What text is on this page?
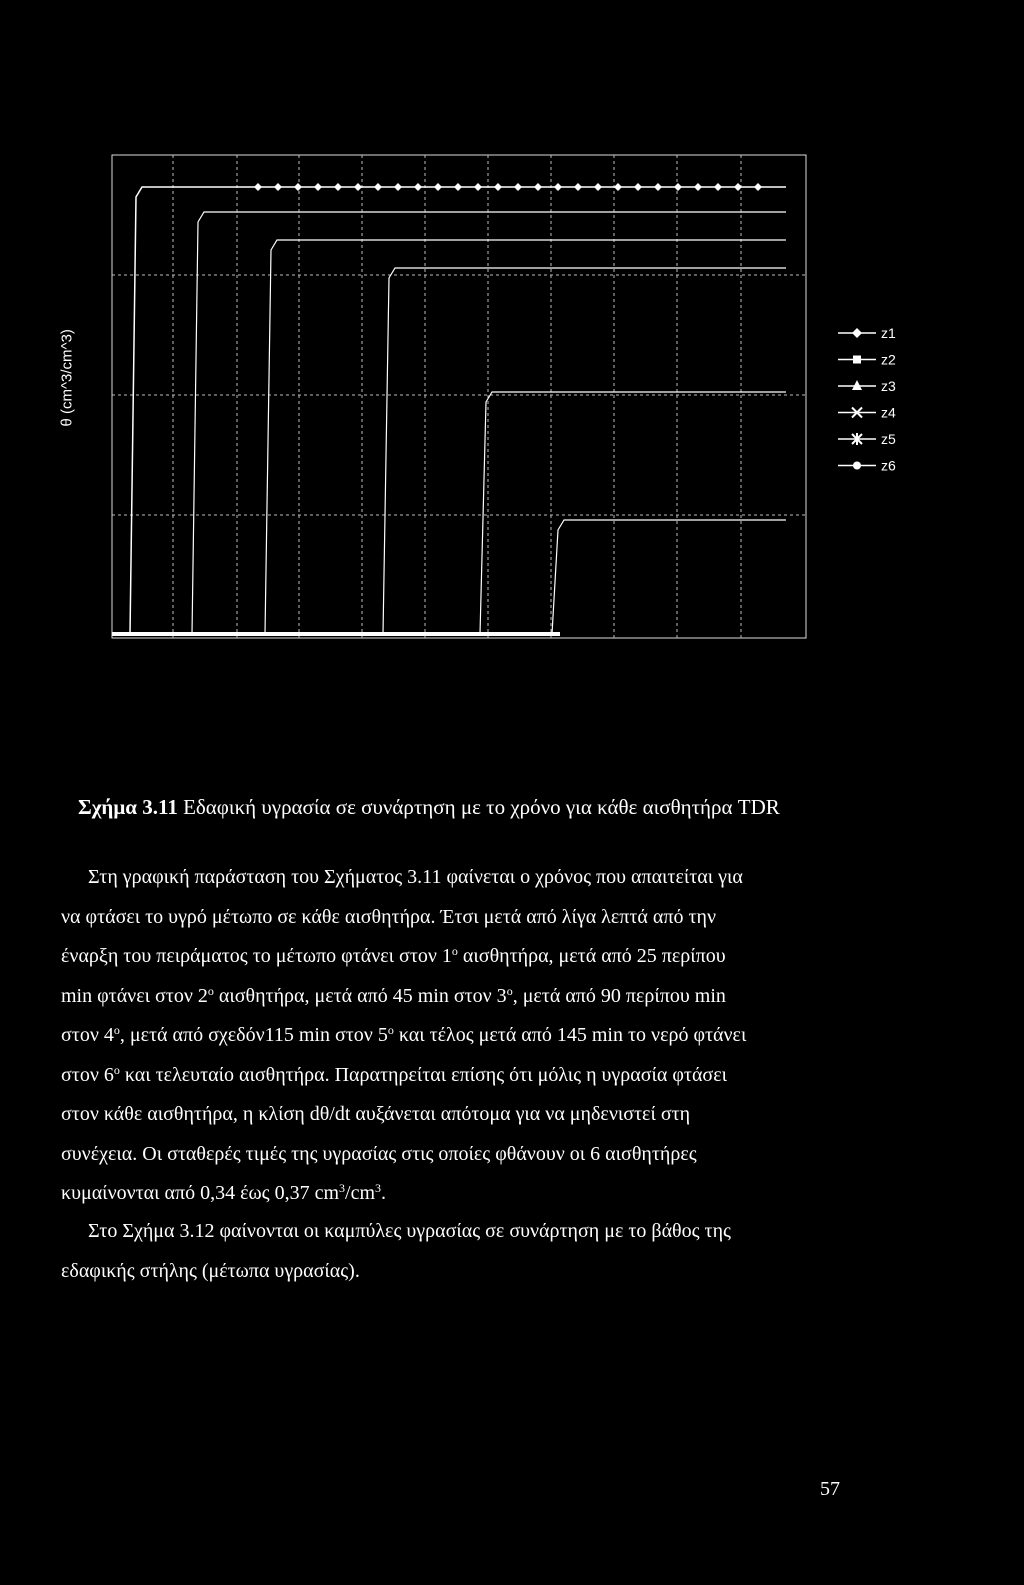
z1
z2
z3
z4
z5
z6
θ (cm^3/cm^3)
Σχήμα 3.11 Εδαφική υγρασία σε συνάρτηση με το χρόνο για κάθε αισθητήρα TDR
Στη γραφική παράσταση του Σχήματος 3.11 φαίνεται ο χρόνος που απαιτείται για
να φτάσει το υγρό μέτωπο σε κάθε αισθητήρα. Έτσι μετά από λίγα λεπτά από την
έναρξη του πειράματος το μέτωπο φτάνει στον 1$^o$ αισθητήρα, μετά από 25 περίπου
min φτάνει στον 2$^o$ αισθητήρα, μετά από 45 min στον 3$^o$, μετά από 90 περίπου min
στον 4$^o$, μετά από σχεδόν115 min στον 5$^o$ και τέλος μετά από 145 min το νερό φτάνει
στον 6$^o$ και τελευταίο αισθητήρα. Παρατηρείται επίσης ότι μόλις η υγρασία φτάσει
στον κάθε αισθητήρα, η κλίση dθ/dt αυξάνεται απότομα για να μηδενιστεί στη
συνέχεια. Οι σταθερές τιμές της υγρασίας στις οποίες φθάνουν οι 6 αισθητήρες
κυμαίνονται από 0,34 έως 0,37 $cm^3/cm^3$.
Στο Σχήμα 3.12 φαίνονται οι καμπύλες υγρασίας σε συνάρτηση με το βάθος της
εδαφικής στήλης (μέτωπα υγρασίας).
57
